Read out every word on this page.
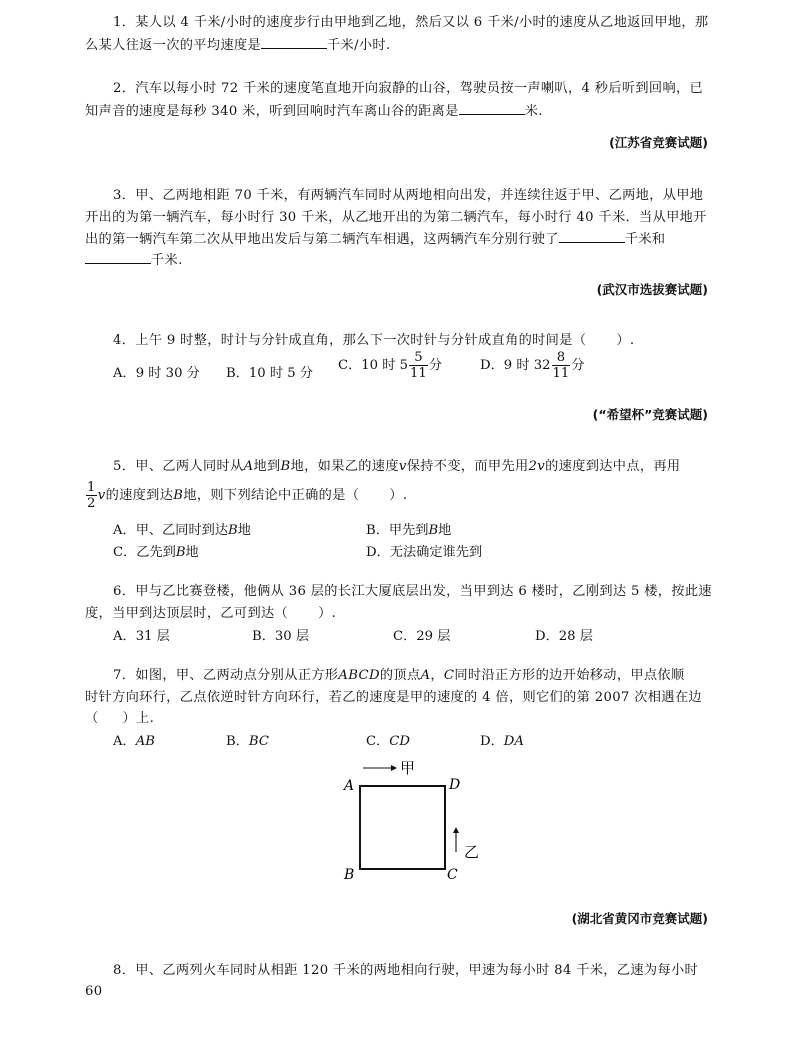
1．某人以 4 千米/小时的速度步行由甲地到乙地，然后又以 6 千米/小时的速度从乙地返回甲地，那
么某人往返一次的平均速度是	千米/小时.
2．汽车以每小时 72 千米的速度笔直地开向寂静的山谷，驾驶员按一声喇叭，4 秒后听到回响，已
知声音的速度是每秒 340 米，听到回响时汽车离山谷的距离是	米.
(江苏省竞赛试题)
3．甲、乙两地相距 70 千米，有两辆汽车同时从两地相向出发，并连续往返于甲、乙两地，从甲地
开出的为第一辆汽车，每小时行 30 千米，从乙地开出的为第二辆汽车，每小时行 40 千米．当从甲地开
出的第一辆汽车第二次从甲地出发后与第二辆汽车相遇，这两辆汽车分别行驶了	千米和
千米.
(武汉市选拔赛试题)
4．上午 9 时整，时计与分针成直角，那么下一次时针与分针成直角的时间是（ ）.
A．9 时 30 分 B．10 时 5 分
C．10 时 $5 \frac{5}{11}$ 分	D．9 时 $32 \frac{8}{11}$ 分
(“希望杯”竞赛试题)
5．甲、乙两人同时从A地到B地，如果乙的速度v保持不变，而甲先用2v的速度到达中点，再用
$\frac{1}{2}$ v的速度到达B地，则下列结论中正确的是（ ）.
A．甲、乙同时到达B地	B．甲先到B地
C．乙先到B地	D．无法确定谁先到
6．甲与乙比赛登楼，他俩从 36 层的长江大厦底层出发，当甲到达 6 楼时，乙刚到达 5 楼，按此速
度，当甲到达顶层时，乙可到达（ ）.
A．31 层	B．30 层	C．29 层	D．28 层
7．如图，甲、乙两动点分别从正方形ABCD的顶点A，C同时沿正方形的边开始移动，甲点依顺
时针方向环行，乙点依逆时针方向环行，若乙的速度是甲的速度的 4 倍，则它们的第 2007 次相遇在边
（ ）上.
A．AB	B．BC	C．CD	D．DA
甲
乙
A	D
B	C
(湖北省黄冈市竞赛试题)
8．甲、乙两列火车同时从相距 120 千米的两地相向行驶，甲速为每小时 84 千米，乙速为每小时 60
